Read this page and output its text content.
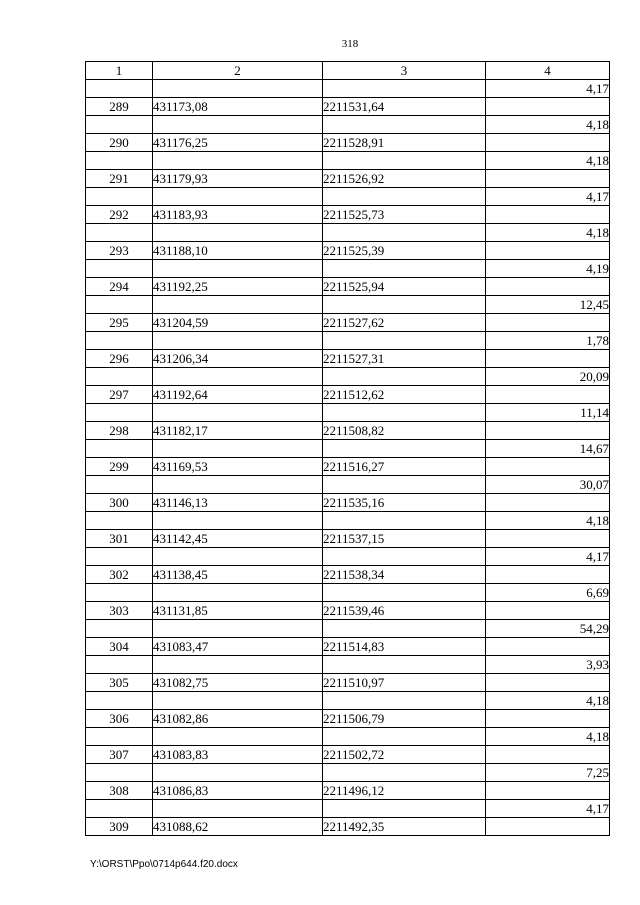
318
1	2	3	4
			4,17
289	431173,08	2211531,64	
			4,18
290	431176,25	2211528,91	
			4,18
291	431179,93	2211526,92	
			4,17
292	431183,93	2211525,73	
			4,18
293	431188,10	2211525,39	
			4,19
294	431192,25	2211525,94	
			12,45
295	431204,59	2211527,62	
			1,78
296	431206,34	2211527,31	
			20,09
297	431192,64	2211512,62	
			11,14
298	431182,17	2211508,82	
			14,67
299	431169,53	2211516,27	
			30,07
300	431146,13	2211535,16	
			4,18
301	431142,45	2211537,15	
			4,17
302	431138,45	2211538,34	
			6,69
303	431131,85	2211539,46	
			54,29
304	431083,47	2211514,83	
			3,93
305	431082,75	2211510,97	
			4,18
306	431082,86	2211506,79	
			4,18
307	431083,83	2211502,72	
			7,25
308	431086,83	2211496,12	
			4,17
309	431088,62	2211492,35	
Y:\ORST\Ppo\0714p644.f20.docx
